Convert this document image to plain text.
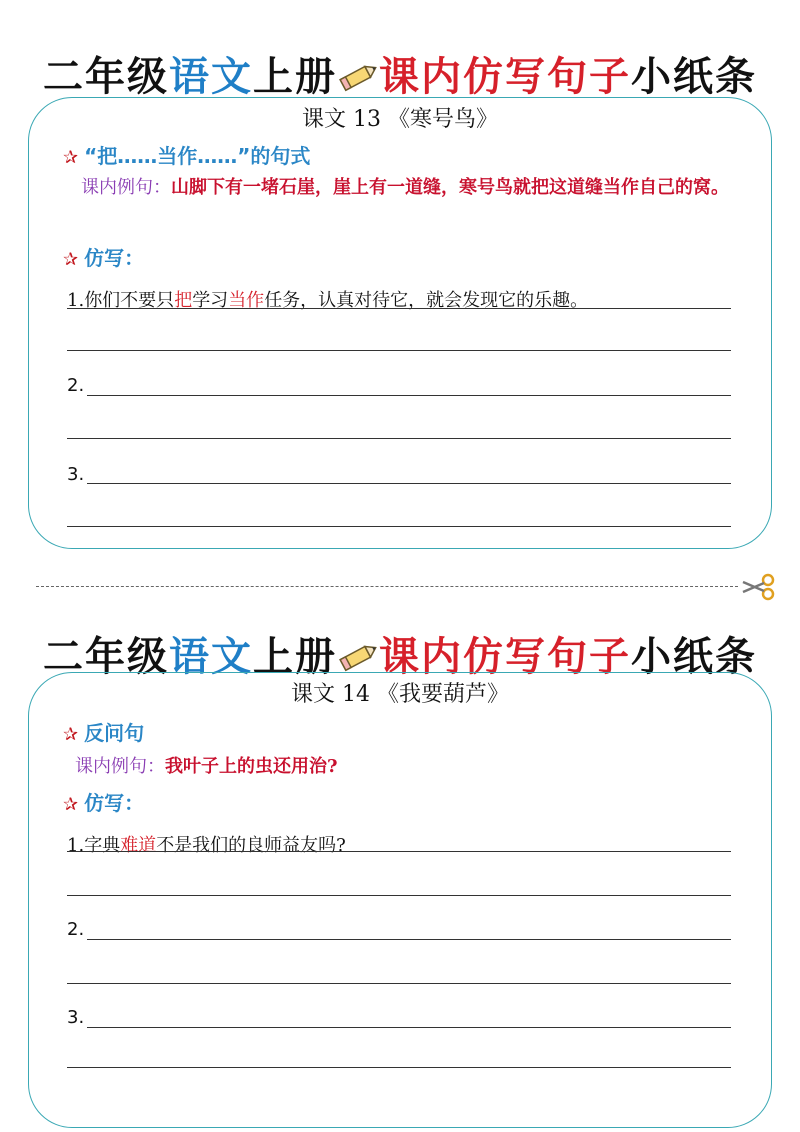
二年级语文上册 课内仿写句子小纸条
课文 13 《寒号鸟》
✰ “把……当作……”的句式
课内例句：山脚下有一堵石崖，崖上有一道缝，寒号鸟就把这道缝当作自己的窝。
✰ 仿写：
1.你们不要只把学习当作任务，认真对待它，就会发现它的乐趣。
2.
3.
二年级语文上册 课内仿写句子小纸条
课文 14 《我要葫芦》
✰ 反问句
课内例句：我叶子上的虫还用治?
✰ 仿写：
1.字典难道不是我们的良师益友吗?
2.
3.
